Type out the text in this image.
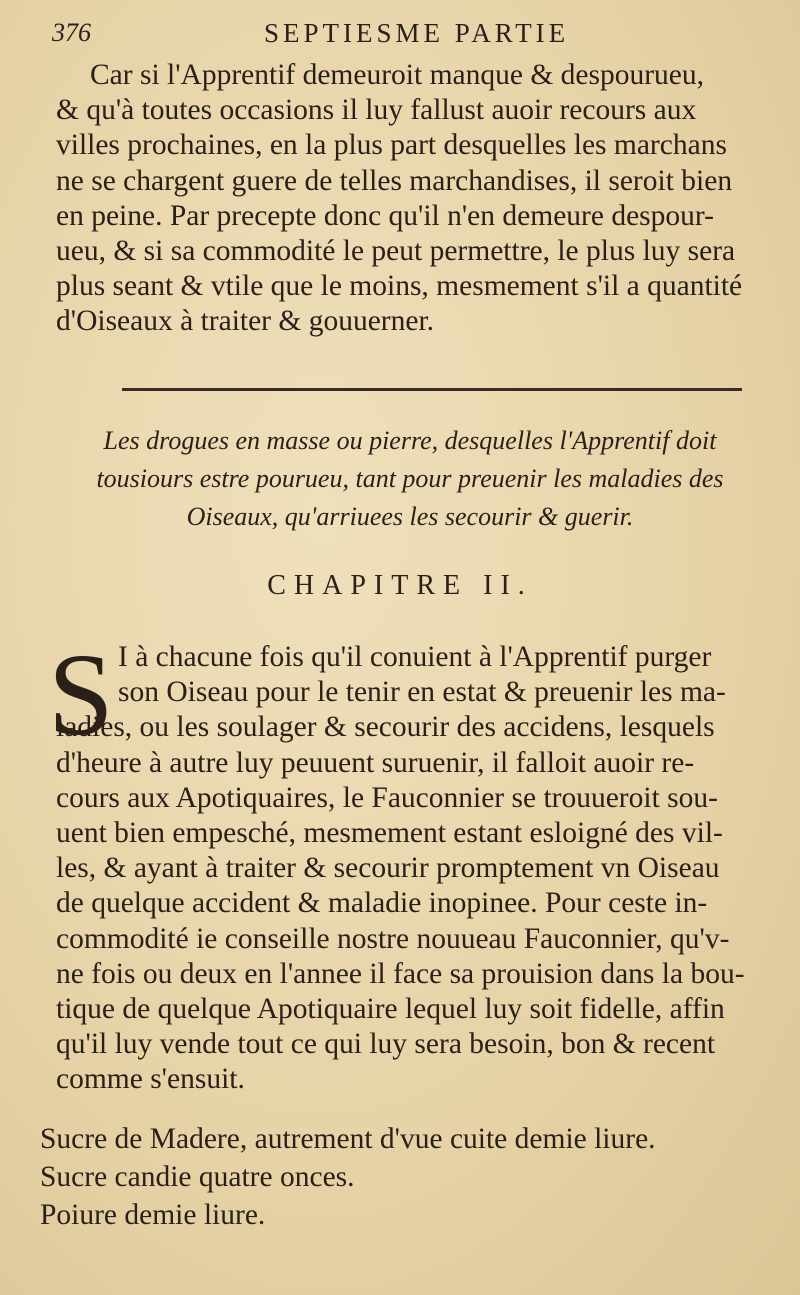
376	SEPTIESME PARTIE
Car si l'Apprentif demeuroit manque & despourueu,
& qu'à toutes occasions il luy fallust auoir recours aux
villes prochaines, en la plus part desquelles les marchans
ne se chargent guere de telles marchandises, il seroit bien
en peine. Par precepte donc qu'il n'en demeure despour-
ueu, & si sa commodité le peut permettre, le plus luy sera
plus seant & vtile que le moins, mesmement s'il a quantité
d'Oiseaux à traiter & gouuerner.
Les drogues en masse ou pierre, desquelles l'Apprentif doit
tousiours estre pourueu, tant pour preuenir les maladies des
Oiseaux, qu'arriuees les secourir & guerir.
CHAPITRE II.
S I à chacune fois qu'il conuient à l'Apprentif purger
son Oiseau pour le tenir en estat & preuenir les ma-
ladies, ou les soulager & secourir des accidens, lesquels
d'heure à autre luy peuuent suruenir, il falloit auoir re-
cours aux Apotiquaires, le Fauconnier se trouueroit sou-
uent bien empesché, mesmement estant esloigné des vil-
les, & ayant à traiter & secourir promptement vn Oiseau
de quelque accident & maladie inopinee. Pour ceste in-
commodité ie conseille nostre nouueau Fauconnier, qu'v-
ne fois ou deux en l'annee il face sa prouision dans la bou-
tique de quelque Apotiquaire lequel luy soit fidelle, affin
qu'il luy vende tout ce qui luy sera besoin, bon & recent
comme s'ensuit.
Sucre de Madere, autrement d'vue cuite demie liure.
Sucre candie quatre onces.
Poiure demie liure.
